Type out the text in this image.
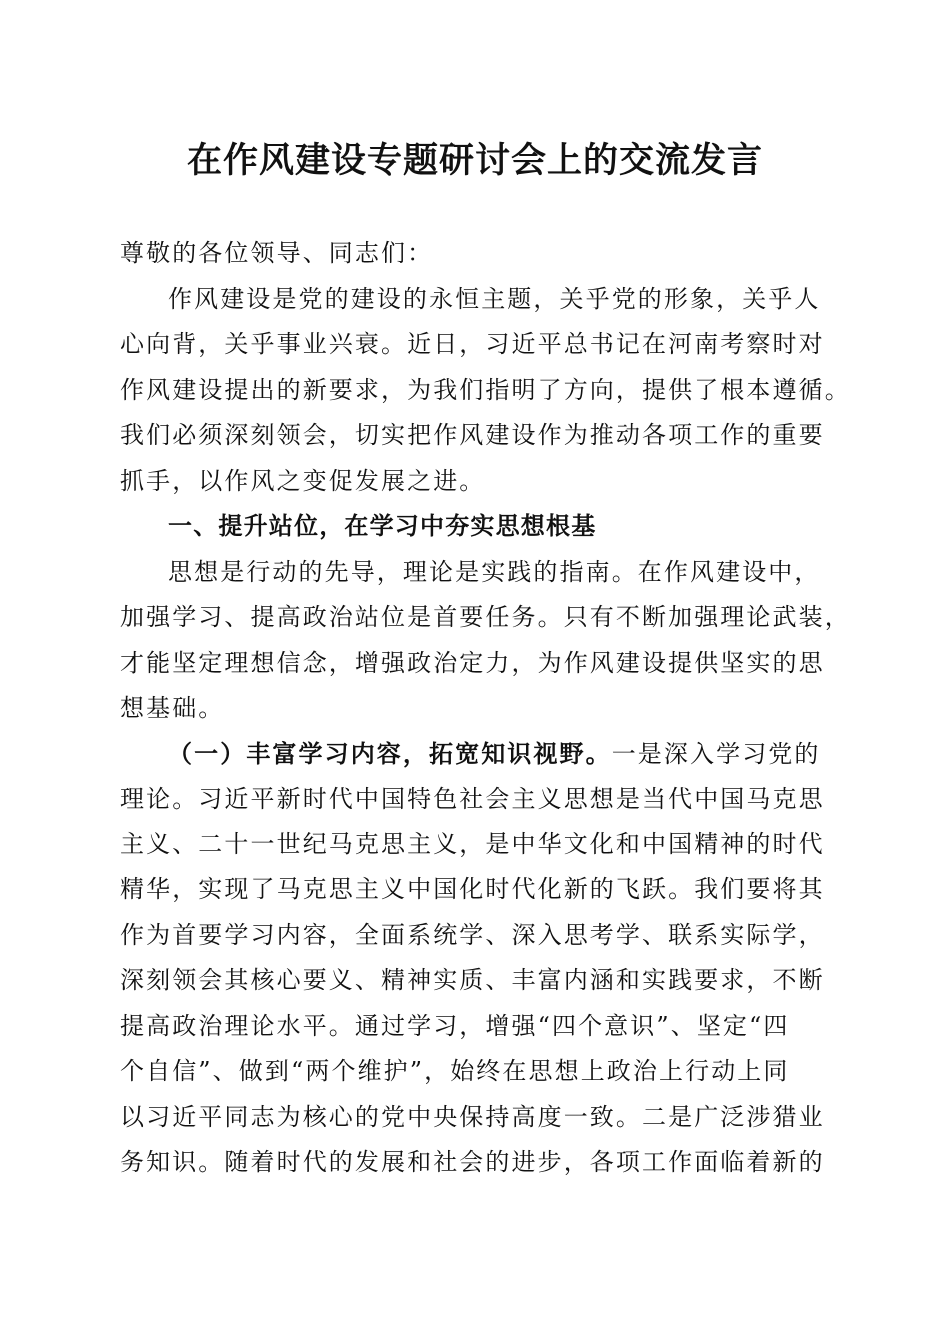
在作风建设专题研讨会上的交流发言
尊敬的各位领导、同志们：
作风建设是党的建设的永恒主题，关乎党的形象，关乎人
心向背，关乎事业兴衰。近日，习近平总书记在河南考察时对
作风建设提出的新要求，为我们指明了方向，提供了根本遵循。
我们必须深刻领会，切实把作风建设作为推动各项工作的重要
抓手，以作风之变促发展之进。
一、提升站位，在学习中夯实思想根基
思想是行动的先导，理论是实践的指南。在作风建设中，
加强学习、提高政治站位是首要任务。只有不断加强理论武装，
才能坚定理想信念，增强政治定力，为作风建设提供坚实的思
想基础。
（一）丰富学习内容，拓宽知识视野。一是深入学习党的
理论。习近平新时代中国特色社会主义思想是当代中国马克思
主义、二十一世纪马克思主义，是中华文化和中国精神的时代
精华，实现了马克思主义中国化时代化新的飞跃。我们要将其
作为首要学习内容，全面系统学、深入思考学、联系实际学，
深刻领会其核心要义、精神实质、丰富内涵和实践要求，不断
提高政治理论水平。通过学习，增强“四个意识”、坚定“四
个自信”、做到“两个维护”，始终在思想上政治上行动上同
以习近平同志为核心的党中央保持高度一致。二是广泛涉猎业
务知识。随着时代的发展和社会的进步，各项工作面临着新的
